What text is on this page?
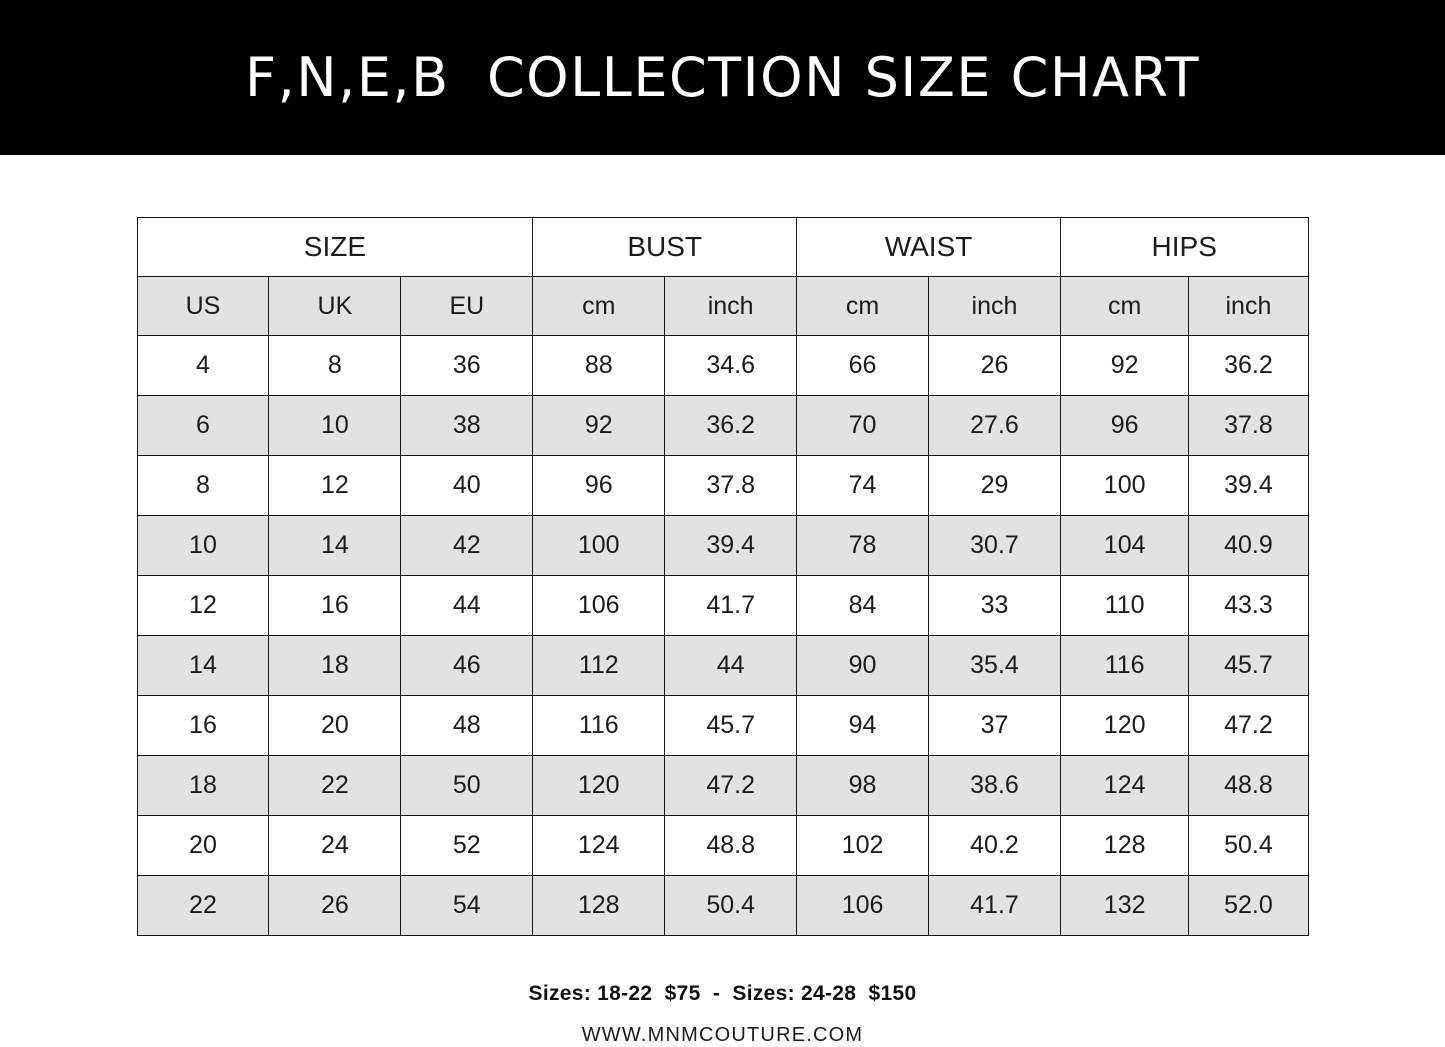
F,N,E,B  COLLECTION SIZE CHART
SIZE			BUST		WAIST		HIPS	
US	UK	EU	cm	inch	cm	inch	cm	inch
4	8	36	88	34.6	66	26	92	36.2
6	10	38	92	36.2	70	27.6	96	37.8
8	12	40	96	37.8	74	29	100	39.4
10	14	42	100	39.4	78	30.7	104	40.9
12	16	44	106	41.7	84	33	110	43.3
14	18	46	112	44	90	35.4	116	45.7
16	20	48	116	45.7	94	37	120	47.2
18	22	50	120	47.2	98	38.6	124	48.8
20	24	52	124	48.8	102	40.2	128	50.4
22	26	54	128	50.4	106	41.7	132	52.0
Sizes: 18-22  $75  -  Sizes: 24-28  $150
WWW.MNMCOUTURE.COM
